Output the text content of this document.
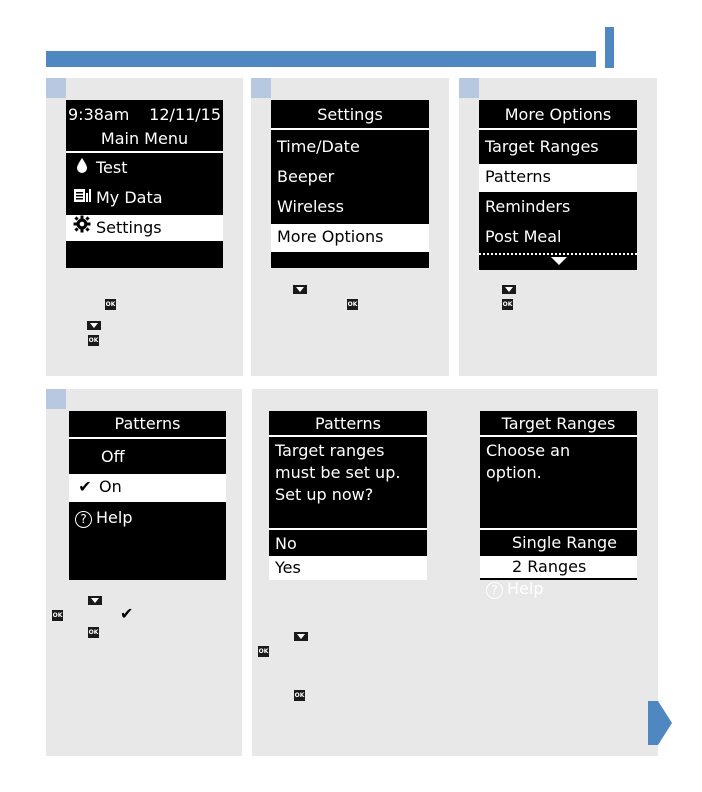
9:38am 12/11/15
Main Menu
Test
My Data
Settings
OK
OK
Settings
Time/Date
Beeper
Wireless
More Options
OK
More Options
Target Ranges
Patterns
Reminders
Post Meal
OK
Patterns
Off
✔ On
? Help
OK	✔
OK
Patterns
Target ranges
must be set up.
Set up now?
No
Yes
Target Ranges
Choose an
option.
Single Range
2 Ranges
? Help
OK
OK
